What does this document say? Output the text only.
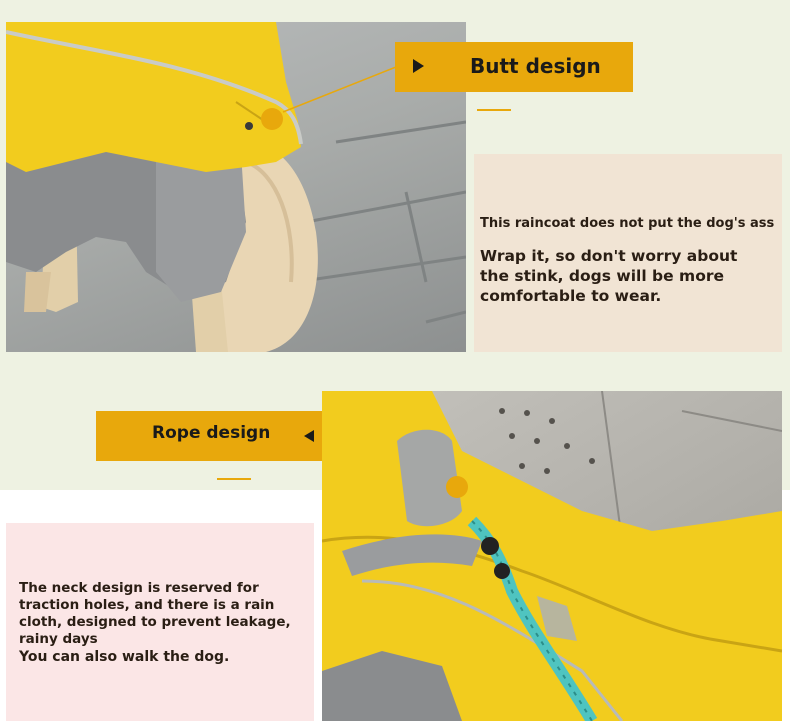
Butt design
This raincoat does not put the dog's ass
Wrap it, so don't worry about the stink, dogs will be more comfortable to wear.
Rope design
The neck design is reserved for traction holes, and there is a rain cloth, designed to prevent leakage, rainy days
You can also walk the dog.
